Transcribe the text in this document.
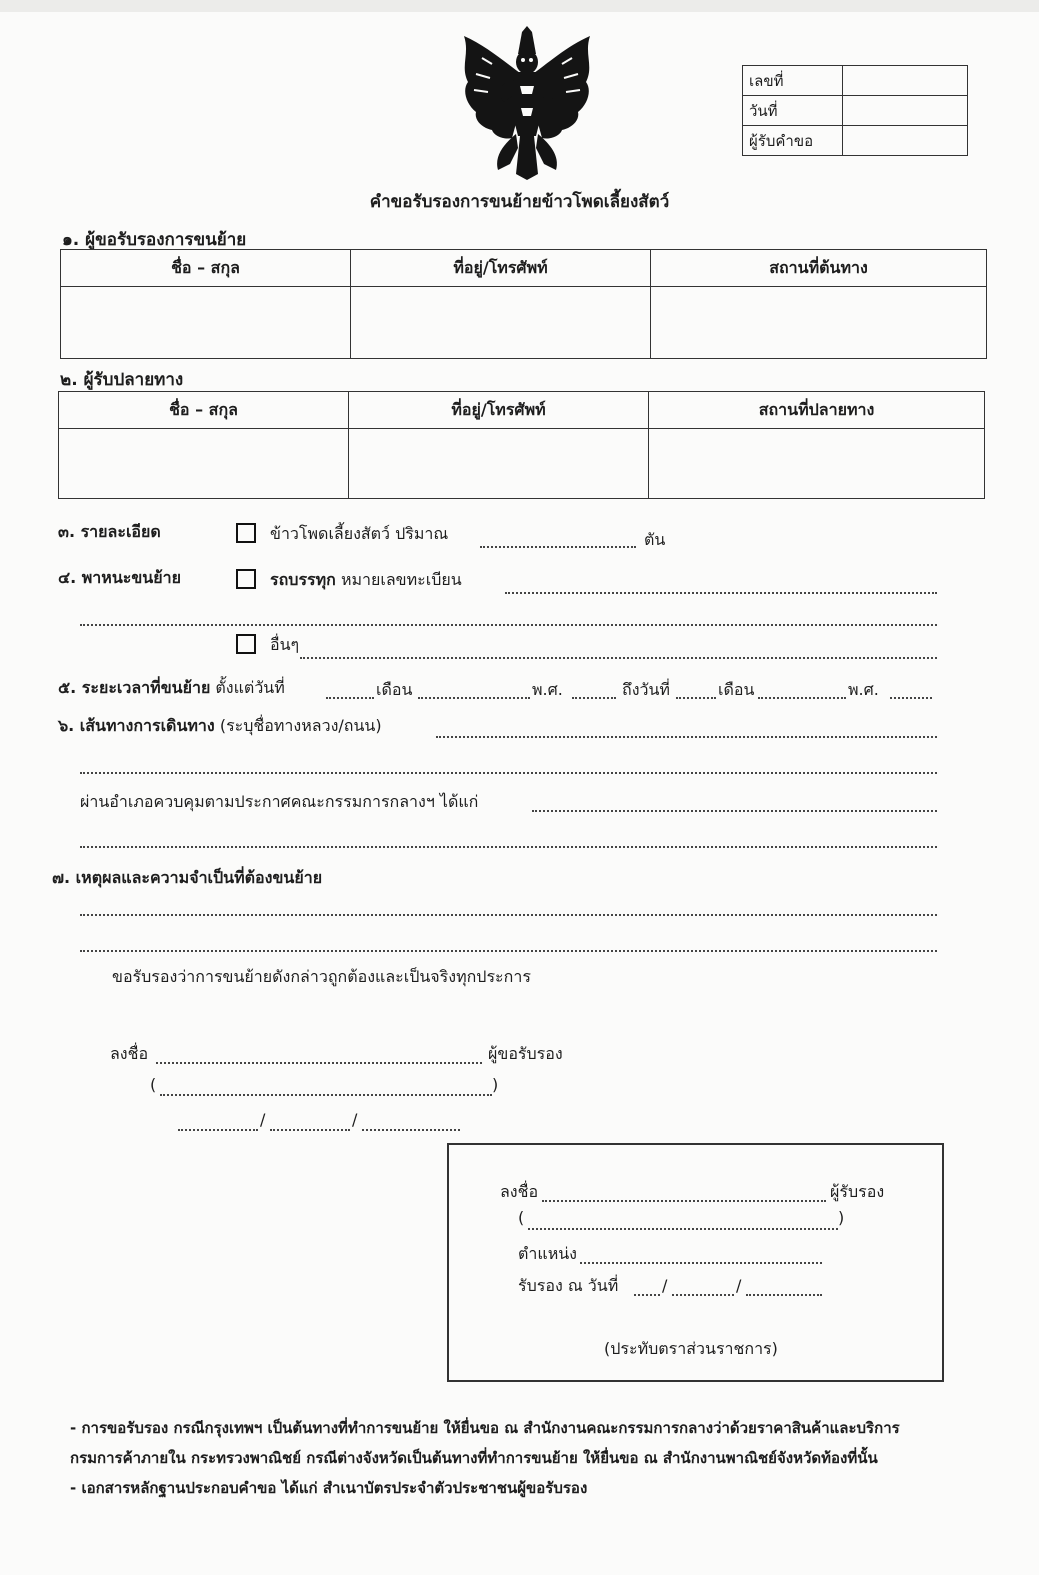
เลขที่	
วันที่	
ผู้รับคำขอ	
คำขอรับรองการขนย้ายข้าวโพดเลี้ยงสัตว์
๑. ผู้ขอรับรองการขนย้าย
ชื่อ – สกุล	ที่อยู่/โทรศัพท์	สถานที่ต้นทาง

๒. ผู้รับปลายทาง
ชื่อ – สกุล	ที่อยู่/โทรศัพท์	สถานที่ปลายทาง

๓. รายละเอียด	ข้าวโพดเลี้ยงสัตว์ ปริมาณ	ตัน
๔. พาหนะขนย้าย	รถบรรทุก หมายเลขทะเบียน
อื่นๆ
๕. ระยะเวลาที่ขนย้าย ตั้งแต่วันที่	เดือน	พ.ศ.	ถึงวันที่	เดือน	พ.ศ.
๖. เส้นทางการเดินทาง (ระบุชื่อทางหลวง/ถนน)
ผ่านอำเภอควบคุมตามประกาศคณะกรรมการกลางฯ ได้แก่
๗. เหตุผลและความจำเป็นที่ต้องขนย้าย
ขอรับรองว่าการขนย้ายดังกล่าวถูกต้องและเป็นจริงทุกประการ
ลงชื่อ	ผู้ขอรับรอง
(	)
/	/
ลงชื่อ	ผู้รับรอง
(	)
ตำแหน่ง
รับรอง ณ วันที่	/	/
(ประทับตราส่วนราชการ)
- การขอรับรอง กรณีกรุงเทพฯ เป็นต้นทางที่ทำการขนย้าย ให้ยื่นขอ ณ สำนักงานคณะกรรมการกลางว่าด้วยราคาสินค้าและบริการ
กรมการค้าภายใน กระทรวงพาณิชย์ กรณีต่างจังหวัดเป็นต้นทางที่ทำการขนย้าย ให้ยื่นขอ ณ สำนักงานพาณิชย์จังหวัดท้องที่นั้น
- เอกสารหลักฐานประกอบคำขอ ได้แก่ สำเนาบัตรประจำตัวประชาชนผู้ขอรับรอง
